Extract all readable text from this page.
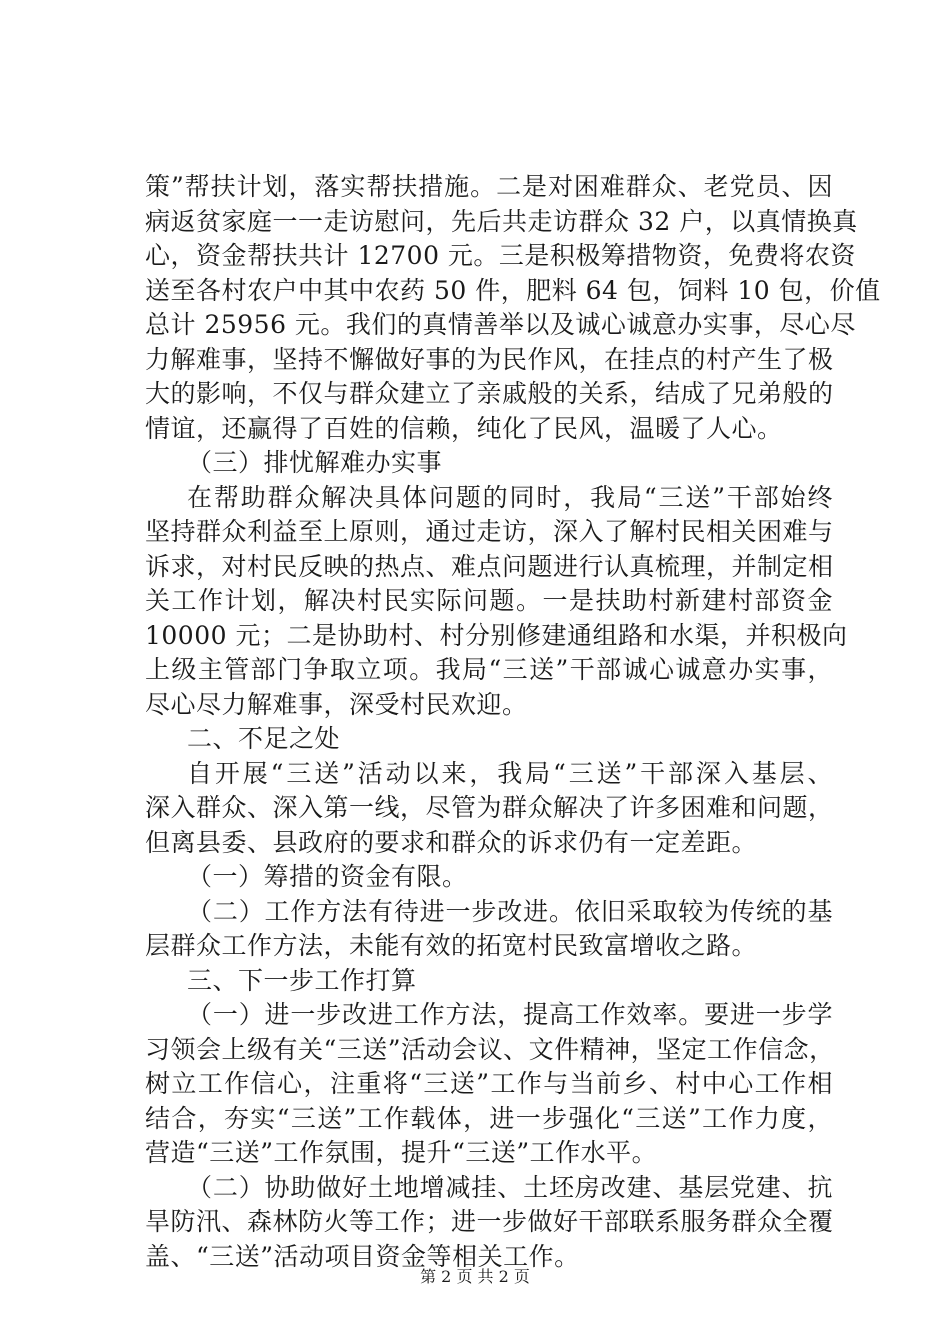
策”帮扶计划，落实帮扶措施。二是对困难群众、老党员、因
病返贫家庭一一走访慰问，先后共走访群众 32 户，以真情换真
心，资金帮扶共计 12700 元。三是积极筹措物资，免费将农资
送至各村农户中其中农药 50 件，肥料 64 包，饲料 10 包，价值
总计 25956 元。我们的真情善举以及诚心诚意办实事，尽心尽
力解难事，坚持不懈做好事的为民作风，在挂点的村产生了极
大的影响，不仅与群众建立了亲戚般的关系，结成了兄弟般的
情谊，还赢得了百姓的信赖，纯化了民风，温暖了人心。
（三）排忧解难办实事
在帮助群众解决具体问题的同时，我局“三送”干部始终
坚持群众利益至上原则，通过走访，深入了解村民相关困难与
诉求，对村民反映的热点、难点问题进行认真梳理，并制定相
关工作计划，解决村民实际问题。一是扶助村新建村部资金
10000 元；二是协助村、村分别修建通组路和水渠，并积极向
上级主管部门争取立项。我局“三送”干部诚心诚意办实事，
尽心尽力解难事，深受村民欢迎。
二、不足之处
自开展“三送”活动以来，我局“三送”干部深入基层、
深入群众、深入第一线，尽管为群众解决了许多困难和问题，
但离县委、县政府的要求和群众的诉求仍有一定差距。
（一）筹措的资金有限。
（二）工作方法有待进一步改进。依旧采取较为传统的基
层群众工作方法，未能有效的拓宽村民致富增收之路。
三、下一步工作打算
（一）进一步改进工作方法，提高工作效率。要进一步学
习领会上级有关“三送”活动会议、文件精神，坚定工作信念，
树立工作信心，注重将“三送”工作与当前乡、村中心工作相
结合，夯实“三送”工作载体，进一步强化“三送”工作力度，
营造“三送”工作氛围，提升“三送”工作水平。
（二）协助做好土地增减挂、土坯房改建、基层党建、抗
旱防汛、森林防火等工作；进一步做好干部联系服务群众全覆
盖、“三送”活动项目资金等相关工作。
第 2 页 共 2 页
